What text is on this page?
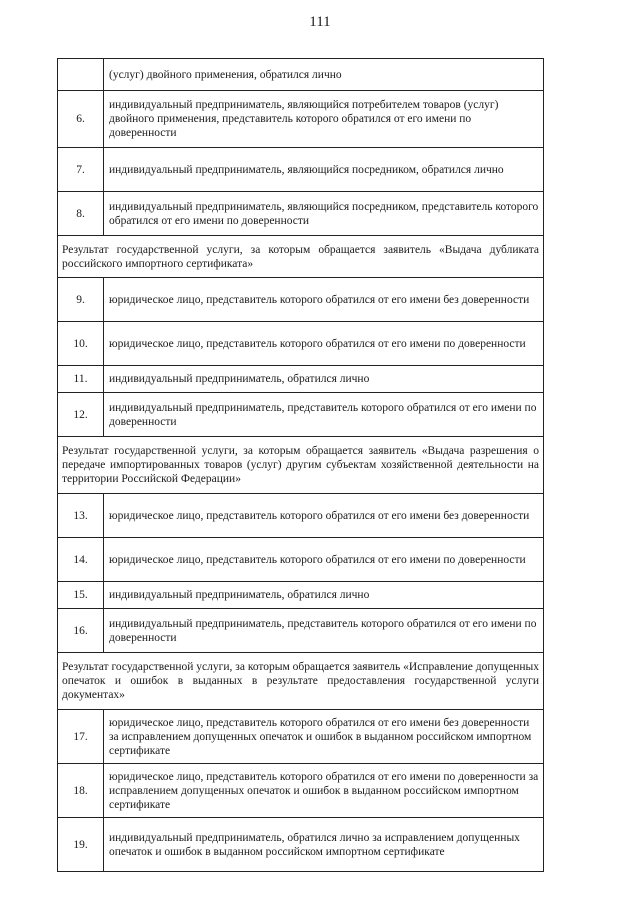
111
	(услуг) двойного применения, обратился лично
6.	индивидуальный предприниматель, являющийся потребителем товаров (услуг) двойного применения, представитель которого обратился от его имени по доверенности
7.	индивидуальный предприниматель, являющийся посредником, обратился лично
8.	индивидуальный предприниматель, являющийся посредником, представитель которого обратился от его имени по доверенности
Результат государственной услуги, за которым обращается заявитель «Выдача дубликата российского импортного сертификата»	
9.	юридическое лицо, представитель которого обратился от его имени без доверенности
10.	юридическое лицо, представитель которого обратился от его имени по доверенности
11.	индивидуальный предприниматель, обратился лично
12.	индивидуальный предприниматель, представитель которого обратился от его имени по доверенности
Результат государственной услуги, за которым обращается заявитель «Выдача разрешения о передаче импортированных товаров (услуг) другим субъектам хозяйственной деятельности на территории Российской Федерации»	
13.	юридическое лицо, представитель которого обратился от его имени без доверенности
14.	юридическое лицо, представитель которого обратился от его имени по доверенности
15.	индивидуальный предприниматель, обратился лично
16.	индивидуальный предприниматель, представитель которого обратился от его имени по доверенности
Результат государственной услуги, за которым обращается заявитель «Исправление допущенных опечаток и ошибок в выданных в результате предоставления государственной услуги документах»	
17.	юридическое лицо, представитель которого обратился от его имени без доверенности за исправлением допущенных опечаток и ошибок в выданном российском импортном сертификате
18.	юридическое лицо, представитель которого обратился от его имени по доверенности за исправлением допущенных опечаток и ошибок в выданном российском импортном сертификате
19.	индивидуальный предприниматель, обратился лично за исправлением допущенных опечаток и ошибок в выданном российском импортном сертификате
